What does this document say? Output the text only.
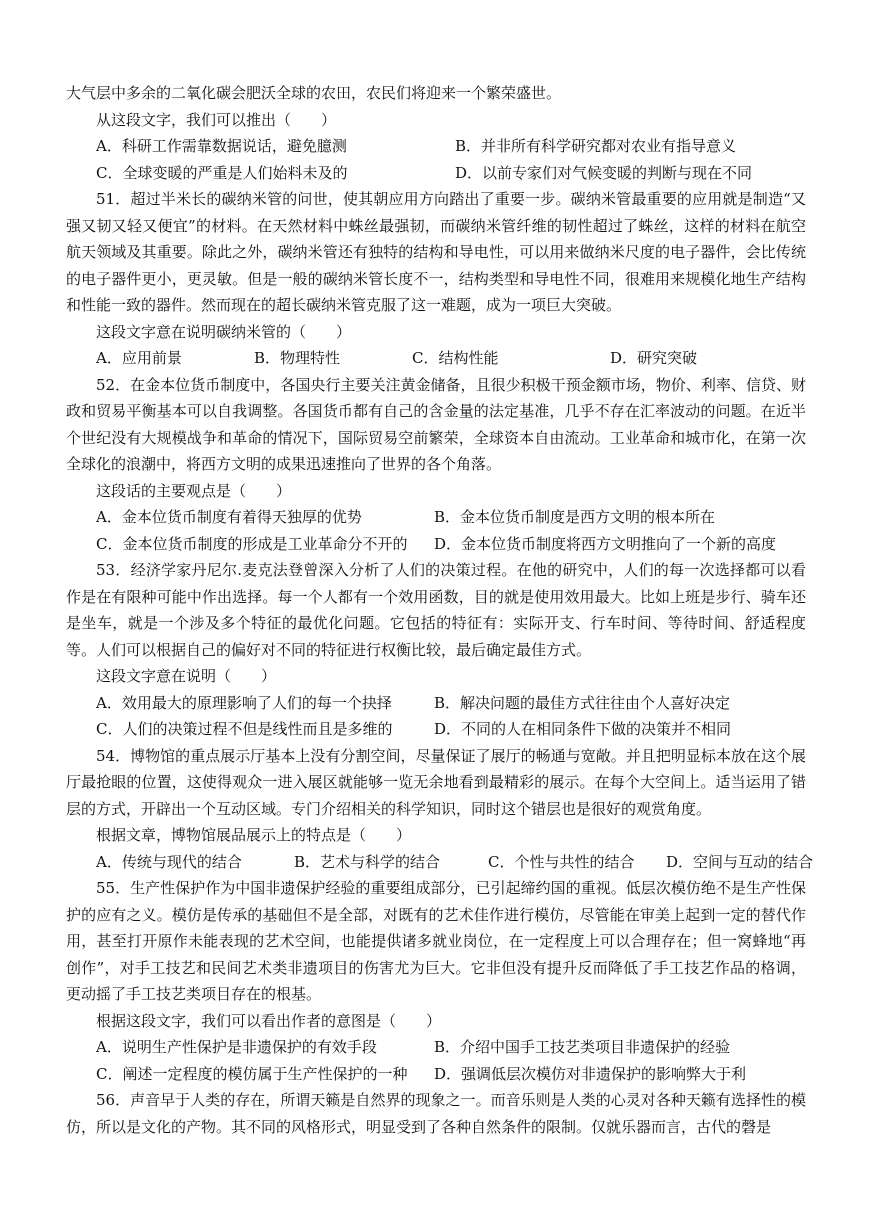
大气层中多余的二氧化碳会肥沃全球的农田，农民们将迎来一个繁荣盛世。

从这段文字，我们可以推出（　　）

A．科研工作需靠数据说话，避免臆测	B．并非所有科学研究都对农业有指导意义
C．全球变暖的严重是人们始料未及的	D．以前专家们对气候变暖的判断与现在不同

51．超过半米长的碳纳米管的问世，使其朝应用方向踏出了重要一步。碳纳米管最重要的应用就是制造“又强又韧又轻又便宜”的材料。在天然材料中蛛丝最强韧，而碳纳米管纤维的韧性超过了蛛丝，这样的材料在航空航天领域及其重要。除此之外，碳纳米管还有独特的结构和导电性，可以用来做纳米尺度的电子器件，会比传统的电子器件更小，更灵敏。但是一般的碳纳米管长度不一，结构类型和导电性不同，很难用来规模化地生产结构和性能一致的器件。然而现在的超长碳纳米管克服了这一难题，成为一项巨大突破。

这段文字意在说明碳纳米管的（　　）

A．应用前景	B．物理特性	C．结构性能	D．研究突破

52．在金本位货币制度中，各国央行主要关注黄金储备，且很少积极干预金额市场，物价、利率、信贷、财政和贸易平衡基本可以自我调整。各国货币都有自己的含金量的法定基准，几乎不存在汇率波动的问题。在近半个世纪没有大规模战争和革命的情况下，国际贸易空前繁荣，全球资本自由流动。工业革命和城市化，在第一次全球化的浪潮中，将西方文明的成果迅速推向了世界的各个角落。

这段话的主要观点是（　　）

A．金本位货币制度有着得天独厚的优势	B．金本位货币制度是西方文明的根本所在
C．金本位货币制度的形成是工业革命分不开的	D．金本位货币制度将西方文明推向了一个新的高度

53．经济学家丹尼尔.麦克法登曾深入分析了人们的决策过程。在他的研究中，人们的每一次选择都可以看作是在有限种可能中作出选择。每一个人都有一个效用函数，目的就是使用效用最大。比如上班是步行、骑车还是坐车，就是一个涉及多个特征的最优化问题。它包括的特征有：实际开支、行车时间、等待时间、舒适程度等。人们可以根据自己的偏好对不同的特征进行权衡比较，最后确定最佳方式。

这段文字意在说明（　　）

A．效用最大的原理影响了人们的每一个抉择	B．解决问题的最佳方式往往由个人喜好决定
C．人们的决策过程不但是线性而且是多维的	D．不同的人在相同条件下做的决策并不相同

54．博物馆的重点展示厅基本上没有分割空间，尽量保证了展厅的畅通与宽敞。并且把明显标本放在这个展厅最抢眼的位置，这使得观众一进入展区就能够一览无余地看到最精彩的展示。在每个大空间上。适当运用了错层的方式，开辟出一个互动区域。专门介绍相关的科学知识，同时这个错层也是很好的观赏角度。

根据文章，博物馆展品展示上的特点是（　　）

A．传统与现代的结合	B．艺术与科学的结合	C．个性与共性的结合	D．空间与互动的结合

55．生产性保护作为中国非遗保护经验的重要组成部分，已引起缔约国的重视。低层次模仿绝不是生产性保护的应有之义。模仿是传承的基础但不是全部，对既有的艺术佳作进行模仿，尽管能在审美上起到一定的替代作用，甚至打开原作未能表现的艺术空间，也能提供诸多就业岗位，在一定程度上可以合理存在；但一窝蜂地“再创作”，对手工技艺和民间艺术类非遗项目的伤害尤为巨大。它非但没有提升反而降低了手工技艺作品的格调，更动摇了手工技艺类项目存在的根基。

根据这段文字，我们可以看出作者的意图是（　　）

A．说明生产性保护是非遗保护的有效手段	B．介绍中国手工技艺类项目非遗保护的经验
C．阐述一定程度的模仿属于生产性保护的一种	D．强调低层次模仿对非遗保护的影响弊大于利

56．声音早于人类的存在，所谓天籁是自然界的现象之一。而音乐则是人类的心灵对各种天籁有选择性的模仿，所以是文化的产物。其不同的风格形式，明显受到了各种自然条件的限制。仅就乐器而言，古代的磬是
